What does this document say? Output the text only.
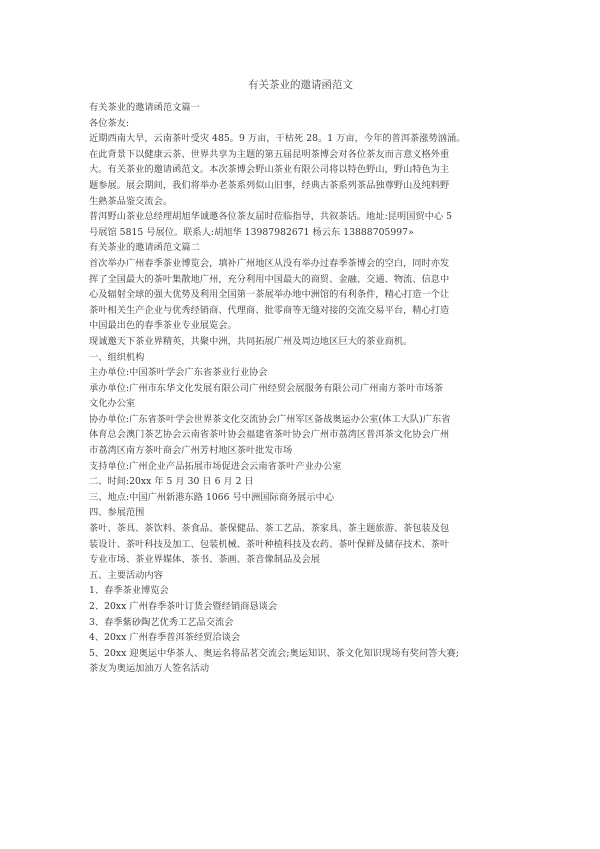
有关茶业的邀请函范文
有关茶业的邀请函范文篇一
各位茶友:
近期西南大旱，云南茶叶受灾 485。9 万亩，干枯死 28。1 万亩，今年的普洱茶涨势汹涌。
在此背景下以健康云茶、世界共享为主题的第五届昆明茶博会对各位茶友而言意义格外重
大。有关茶业的邀请函范文。本次茶博会野山茶业有限公司将以特色野山，野山特色为主
题参展。展会期间，我们将举办老茶系列似山旧事，经典古茶系列茶品独尊野山及纯料野
生熟茶品鉴交流会。
普洱野山茶业总经理胡旭华诚邀各位茶友届时莅临指导，共叙茶话。地址:昆明国贸中心 5
号展馆 5815 号展位。联系人:胡旭华 13987982671 杨云东 13888705997»
有关茶业的邀请函范文篇二
首次举办广州春季茶业博览会，填补广州地区从没有举办过春季茶博会的空白，同时亦发
挥了全国最大的茶叶集散地广州，充分利用中国最大的商贸、金融、交通、物流、信息中
心及辐射全球的强大优势及利用全国第一茶展举办地中洲馆的有利条件，精心打造一个让
茶叶相关生产企业与优秀经销商、代理商、批零商等无缝对接的交流交易平台，精心打造
中国最出色的春季茶业专业展览会。
现诚邀天下茶业界精英，共聚中洲，共同拓展广州及周边地区巨大的茶业商机。
一、组织机构
主办单位:中国茶叶学会广东省茶业行业协会
承办单位:广州市东华文化发展有限公司广州经贸会展服务有限公司广州南方茶叶市场茶
文化办公室
协办单位:广东省茶叶学会世界茶文化交流协会广州军区备战奥运办公室(体工大队)广东省
体育总会澳门茶艺协会云南省茶叶协会福建省茶叶协会广州市荔湾区普洱茶文化协会广州
市荔湾区南方茶叶商会广州芳村地区茶叶批发市场
支持单位:广州企业产品拓展市场促进会云南省茶叶产业办公室
二、时间:20xx 年 5 月 30 日 6 月 2 日
三、地点:中国广州新港东路 1066 号中洲国际商务展示中心
四、参展范围
茶叶、茶具、茶饮料、茶食品、茶保健品、茶工艺品、茶家具、茶主题旅游、茶包装及包
装设计、茶叶科技及加工、包装机械、茶叶种植科技及农药、茶叶保鲜及储存技术、茶叶
专业市场、茶业界媒体、茶书、茶画、茶音像制品及会展
五、主要活动内容
1、春季茶业博览会
2、20xx 广州春季茶叶订货会暨经销商恳谈会
3、春季紫砂陶艺优秀工艺品交流会
4、20xx 广州春季普洱茶经贸洽谈会
5、20xx 迎奥运中华茶人、奥运名将品茗交流会;奥运知识、茶文化知识现场有奖问答大赛;
茶友为奥运加油万人签名活动
